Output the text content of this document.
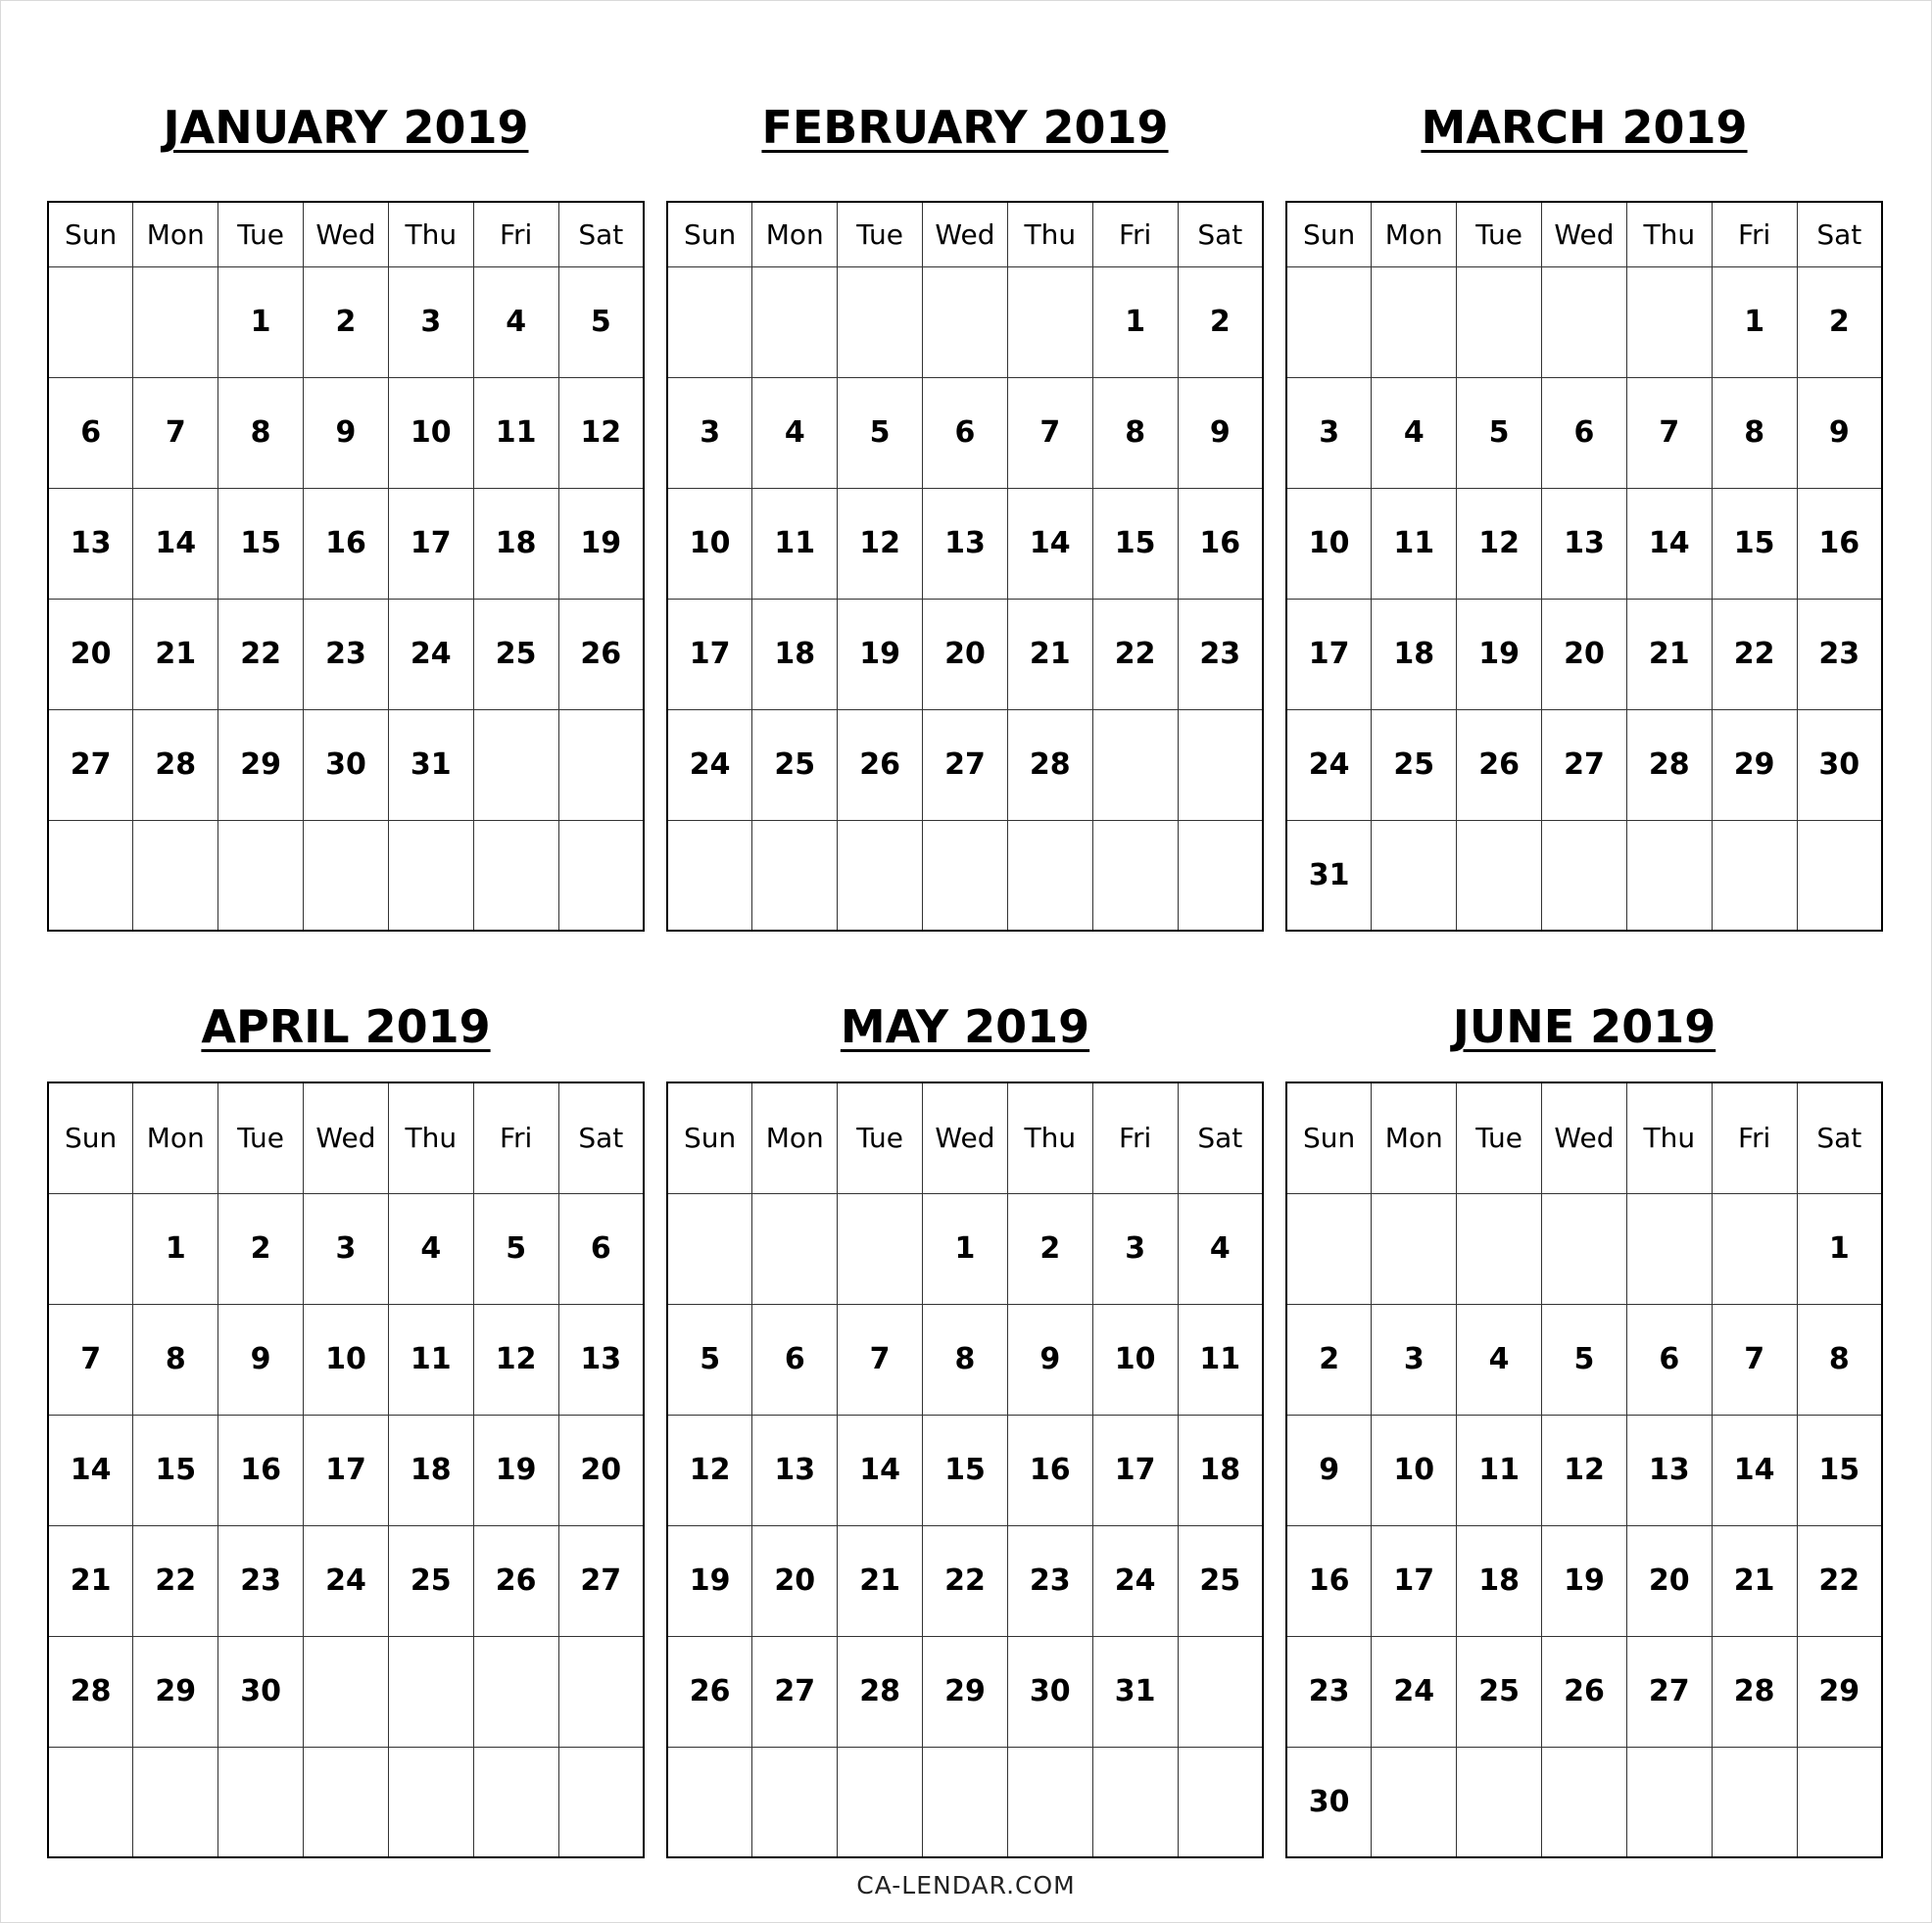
JANUARY 2019
Sun	Mon	Tue	Wed	Thu	Fri	Sat
		1	2	3	4	5
6	7	8	9	10	11	12
13	14	15	16	17	18	19
20	21	22	23	24	25	26
27	28	29	30	31		

FEBRUARY 2019
Sun	Mon	Tue	Wed	Thu	Fri	Sat
					1	2
3	4	5	6	7	8	9
10	11	12	13	14	15	16
17	18	19	20	21	22	23
24	25	26	27	28		

MARCH 2019
Sun	Mon	Tue	Wed	Thu	Fri	Sat
					1	2
3	4	5	6	7	8	9
10	11	12	13	14	15	16
17	18	19	20	21	22	23
24	25	26	27	28	29	30
31						
APRIL 2019
Sun	Mon	Tue	Wed	Thu	Fri	Sat
	1	2	3	4	5	6
7	8	9	10	11	12	13
14	15	16	17	18	19	20
21	22	23	24	25	26	27
28	29	30				

MAY 2019
Sun	Mon	Tue	Wed	Thu	Fri	Sat
			1	2	3	4
5	6	7	8	9	10	11
12	13	14	15	16	17	18
19	20	21	22	23	24	25
26	27	28	29	30	31	

JUNE 2019
Sun	Mon	Tue	Wed	Thu	Fri	Sat
						1
2	3	4	5	6	7	8
9	10	11	12	13	14	15
16	17	18	19	20	21	22
23	24	25	26	27	28	29
30						
CA-LENDAR.COM
